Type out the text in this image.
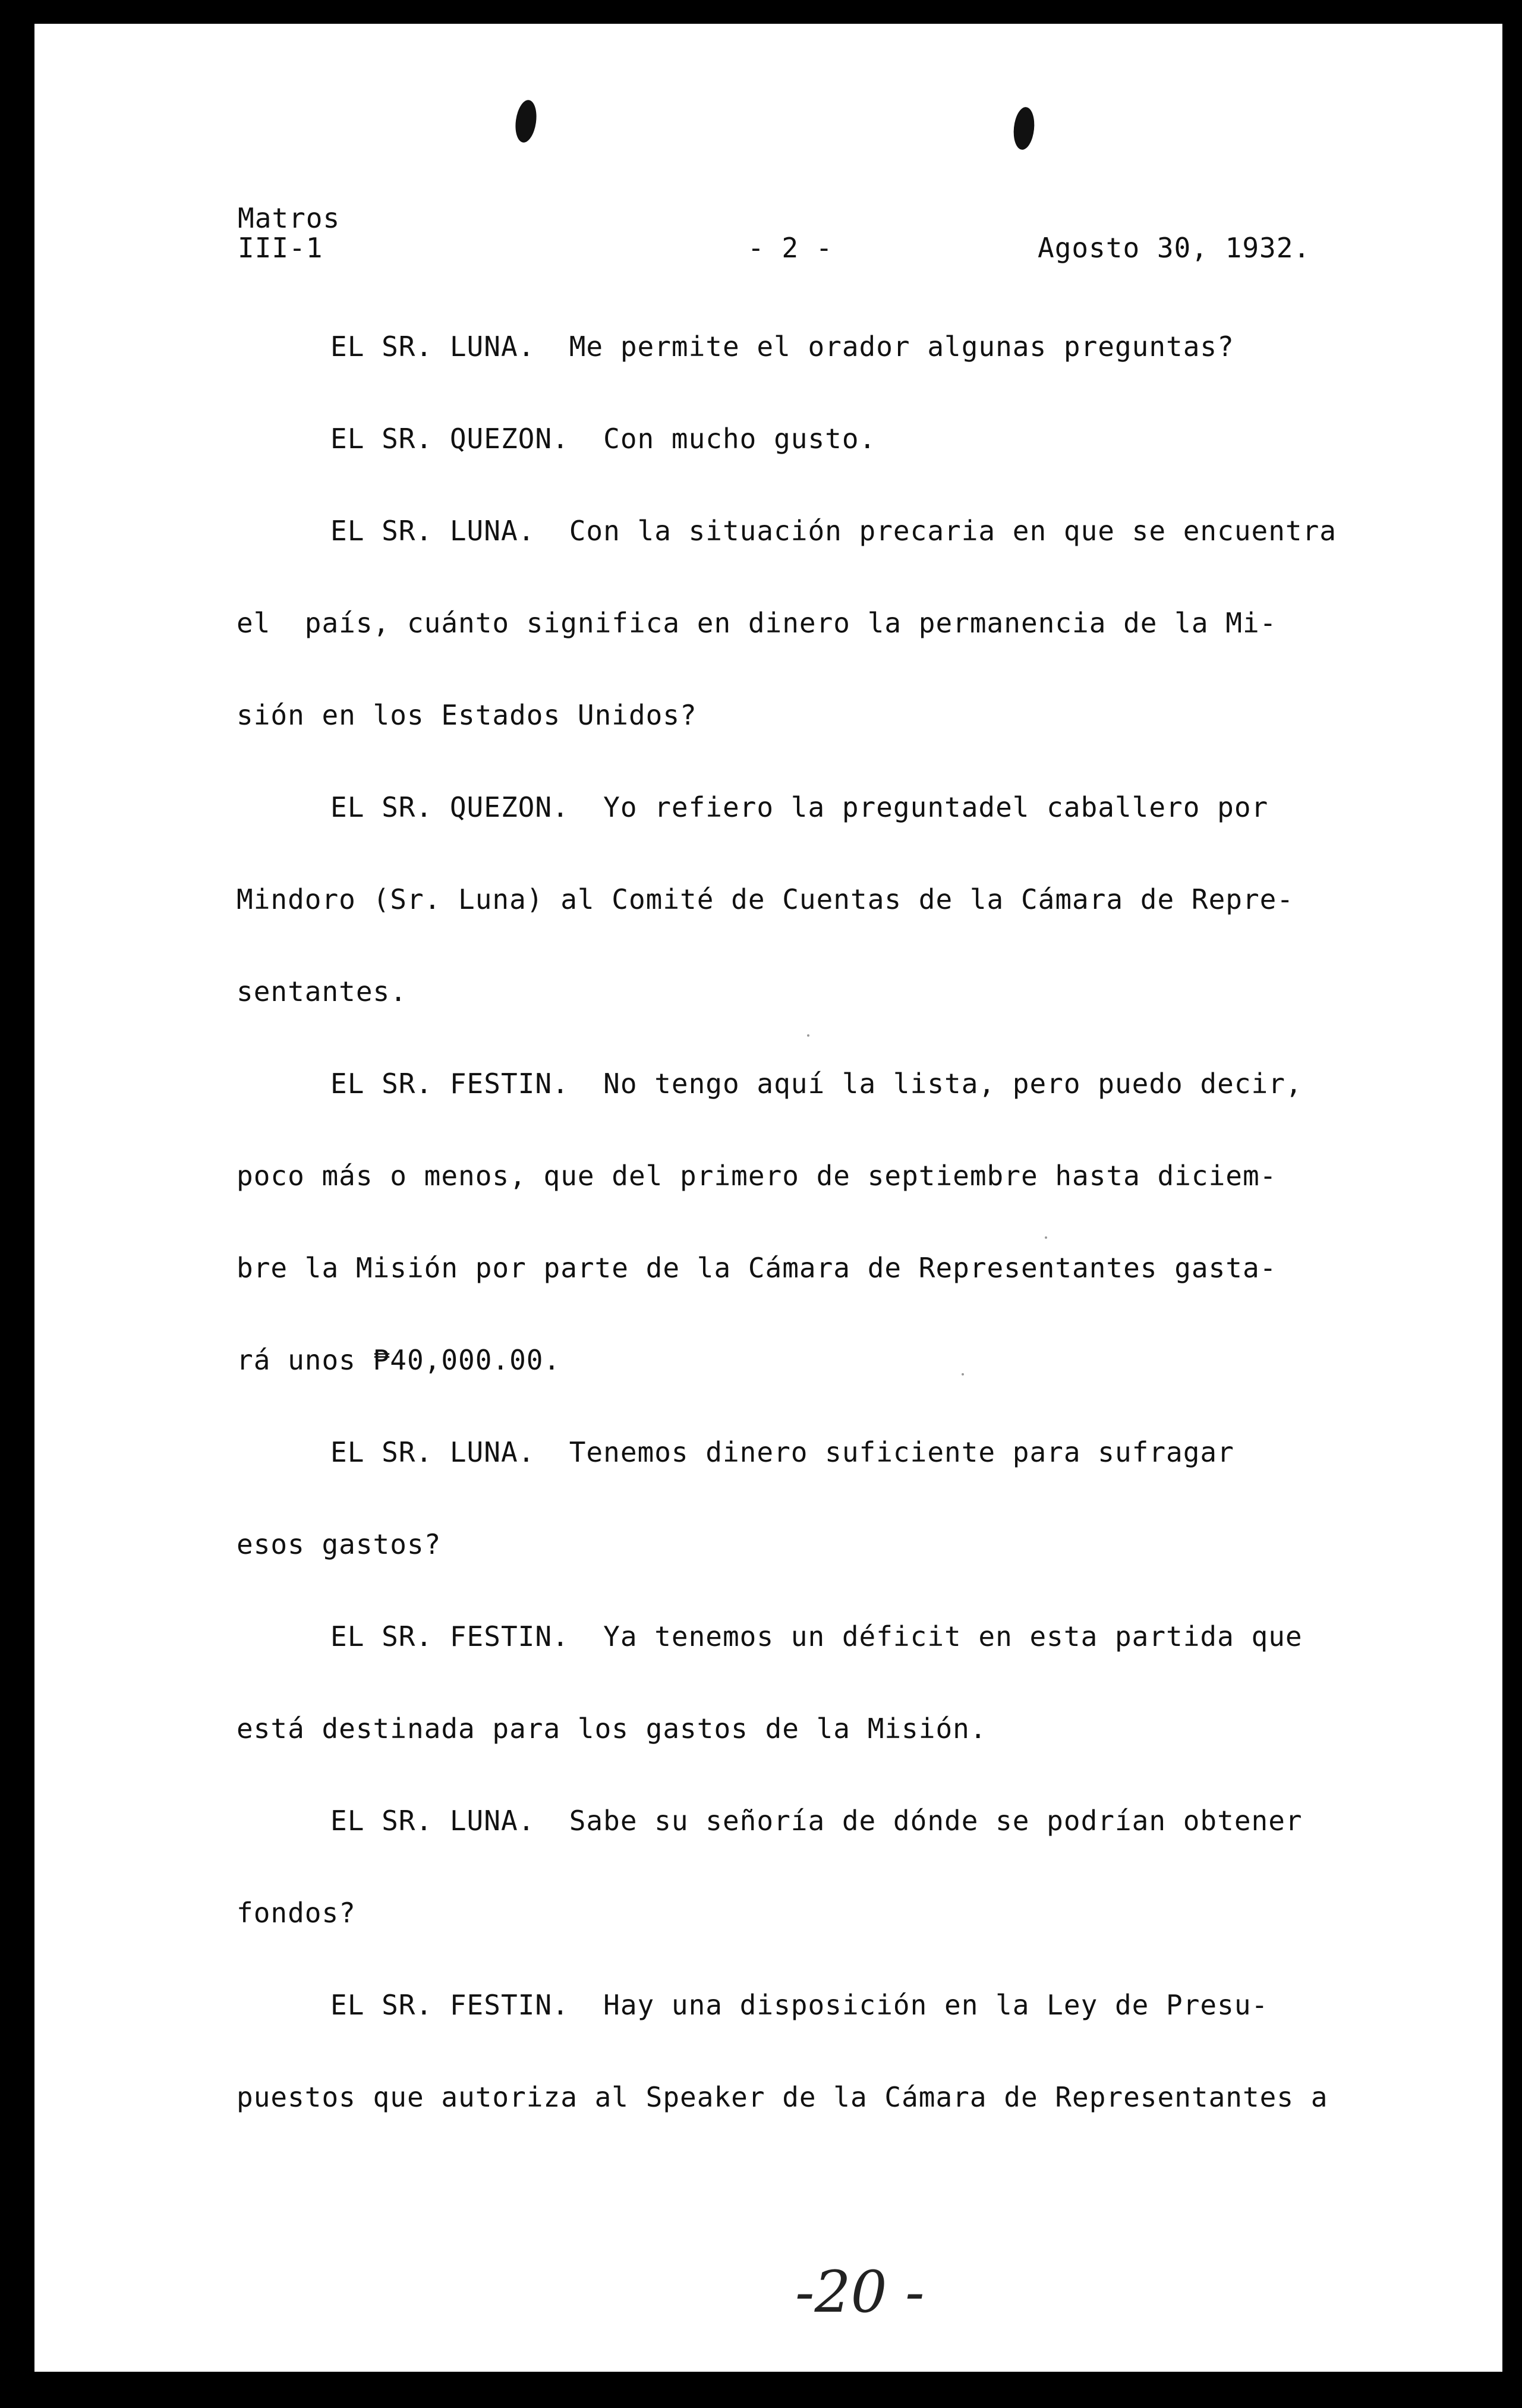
Matros
III-1	- 2 -	Agosto 30, 1932.
EL SR. LUNA. Me permite el orador algunas preguntas?
EL SR. QUEZON. Con mucho gusto.
EL SR. LUNA. Con la situación precaria en que se encuentra
el  país, cuánto significa en dinero la permanencia de la Mi-
sión en los Estados Unidos?
EL SR. QUEZON. Yo refiero la preguntadel caballero por
Mindoro (Sr. Luna) al Comité de Cuentas de la Cámara de Repre-
sentantes.
EL SR. FESTIN. No tengo aquí la lista, pero puedo decir,
poco más o menos, que del primero de septiembre hasta diciem-
bre la Misión por parte de la Cámara de Representantes gasta-
rá unos ₱40,000.00.
EL SR. LUNA. Tenemos dinero suficiente para sufragar
esos gastos?
EL SR. FESTIN. Ya tenemos un déficit en esta partida que
está destinada para los gastos de la Misión.
EL SR. LUNA. Sabe su señoría de dónde se podrían obtener
fondos?
EL SR. FESTIN. Hay una disposición en la Ley de Presu-
puestos que autoriza al Speaker de la Cámara de Representantes a
-20 -
